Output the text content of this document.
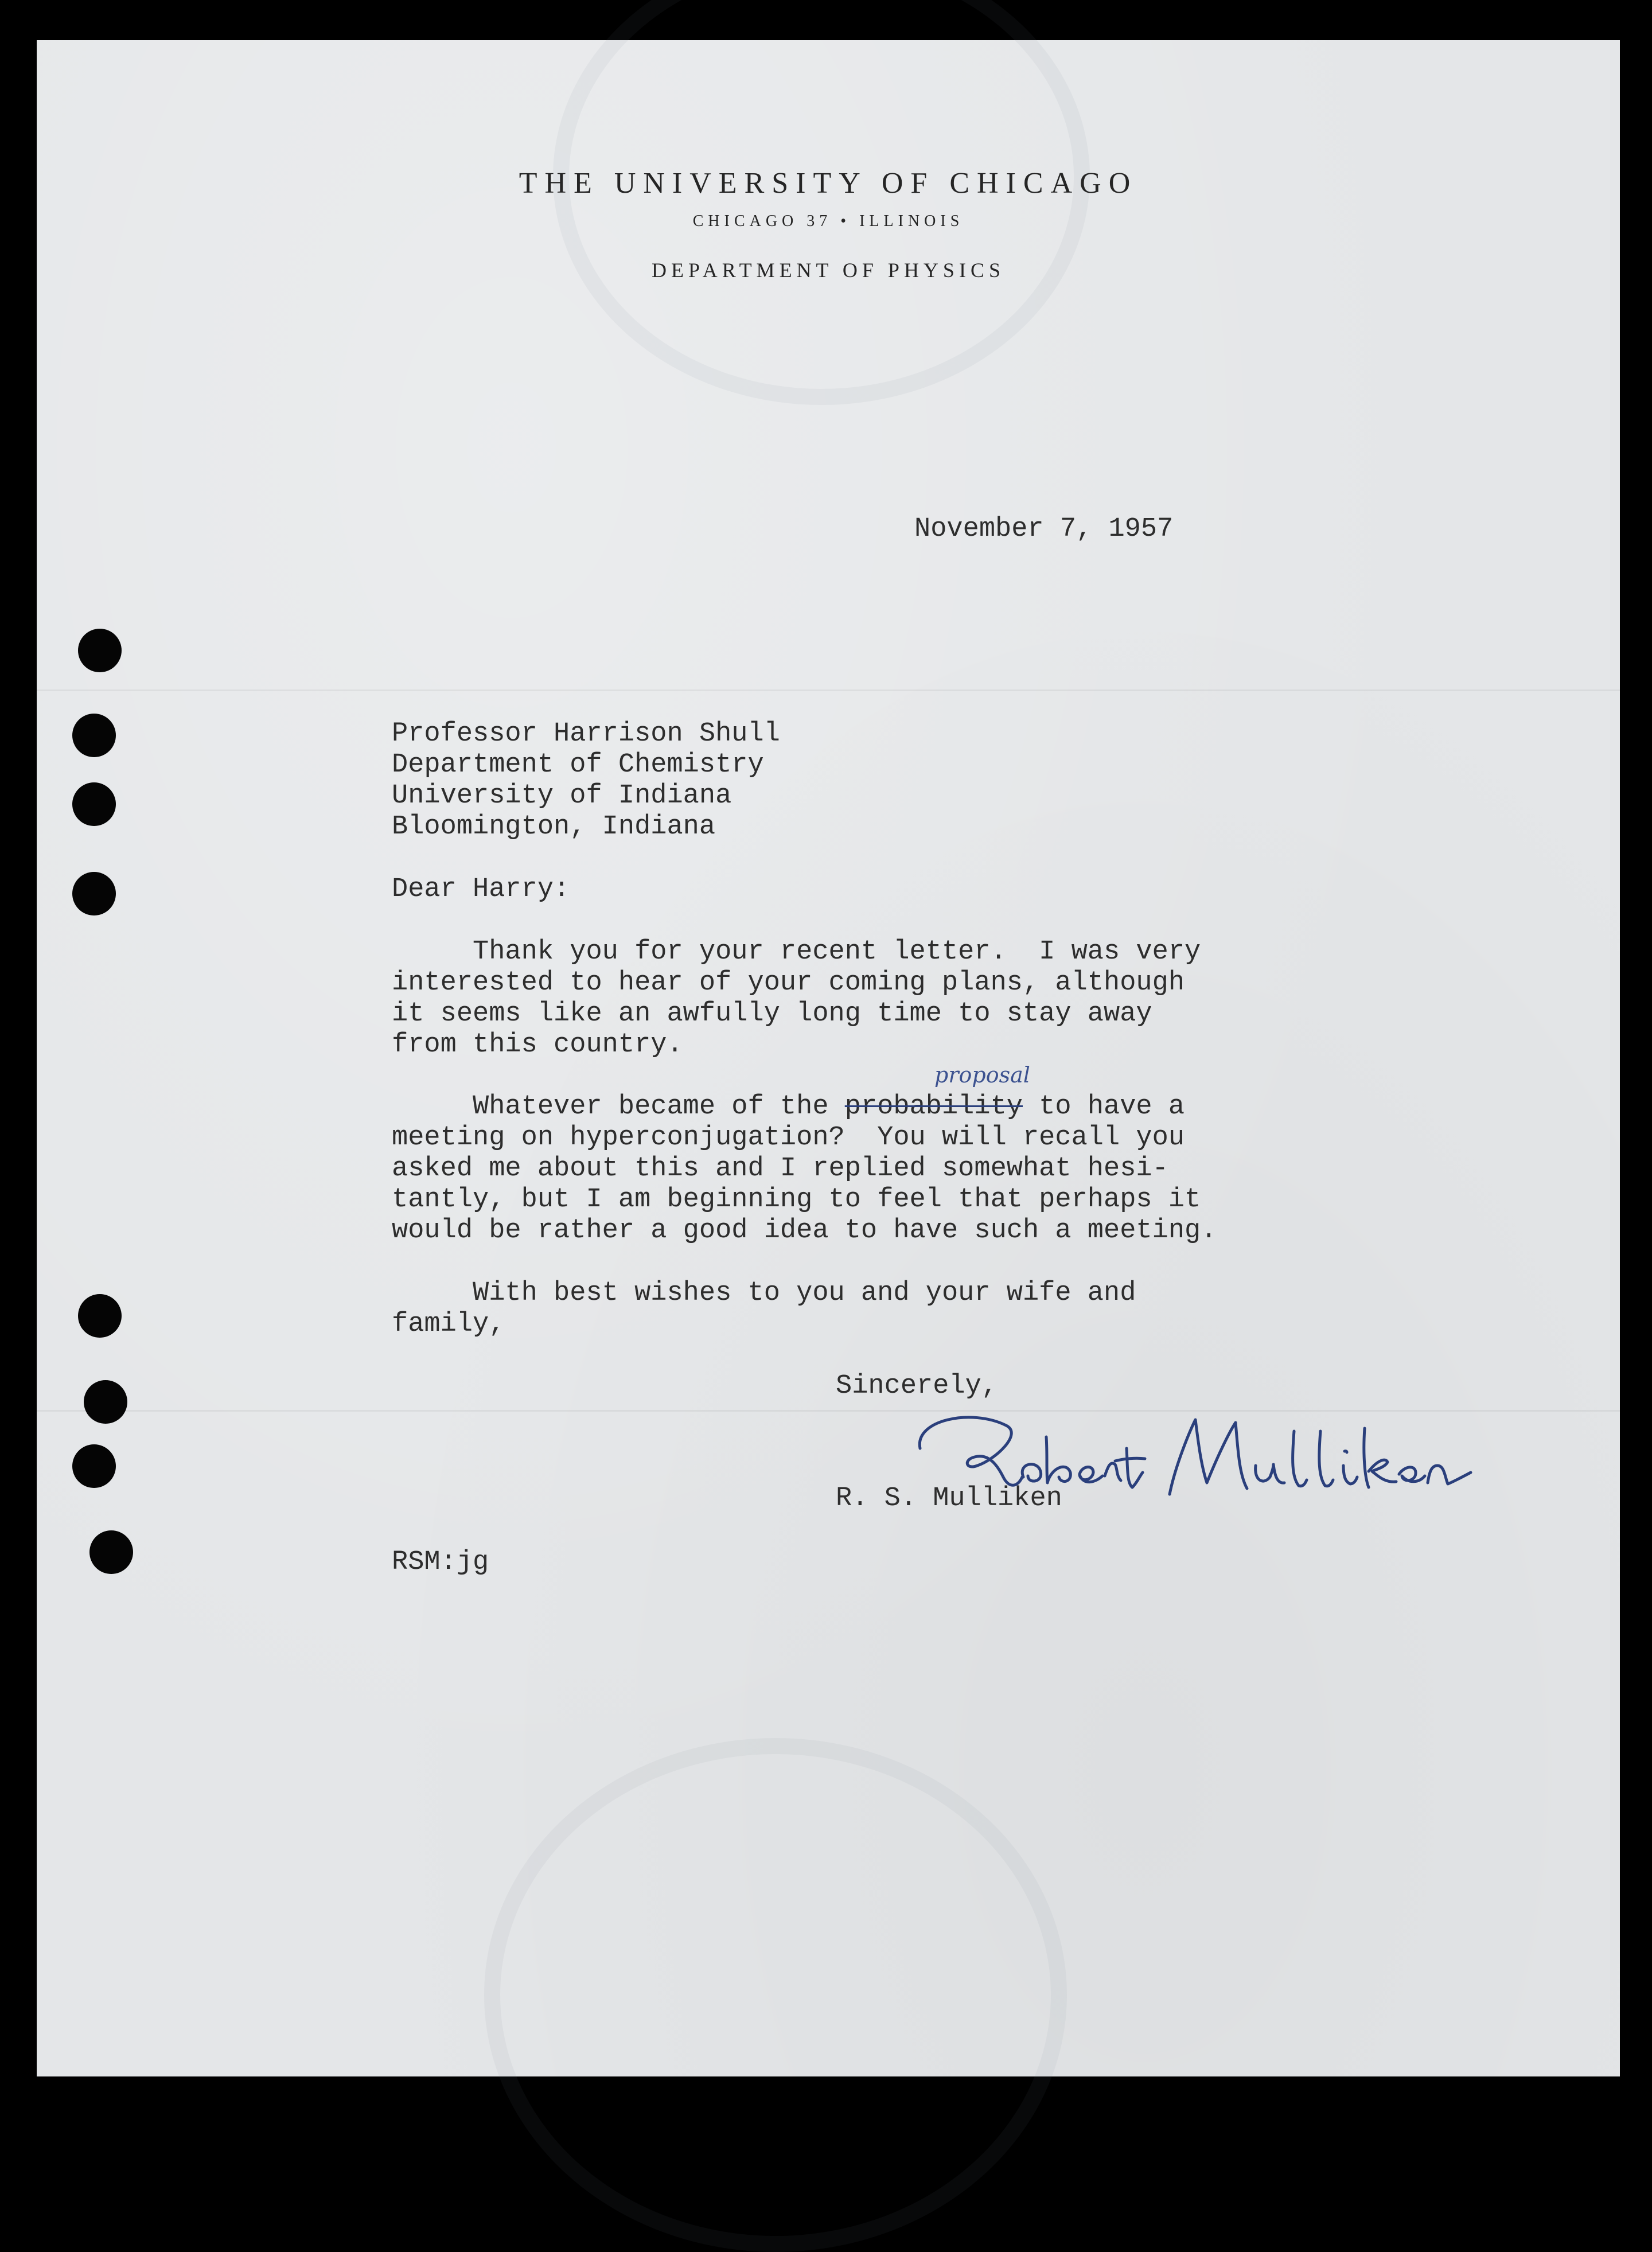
THE UNIVERSITY OF CHICAGO
CHICAGO 37 • ILLINOIS
DEPARTMENT OF PHYSICS
November 7, 1957
Professor Harrison Shull
Department of Chemistry
University of Indiana
Bloomington, Indiana
Dear Harry:
Thank you for your recent letter.  I was very
interested to hear of your coming plans, although
it seems like an awfully long time to stay away
from this country.
proposal
Whatever became of the probability to have a
meeting on hyperconjugation?  You will recall you
asked me about this and I replied somewhat hesi-
tantly, but I am beginning to feel that perhaps it
would be rather a good idea to have such a meeting.
With best wishes to you and your wife and
family,
Sincerely,
R. S. Mulliken
RSM:jg
